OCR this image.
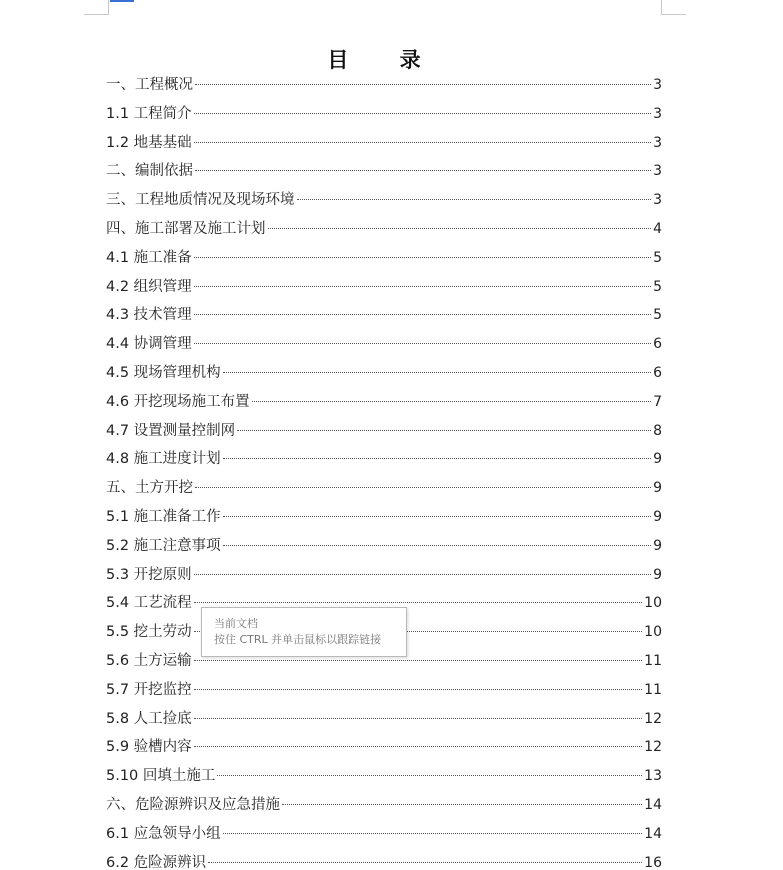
目 录
一、工程概况	3
1.1 工程简介	3
1.2 地基基础	3
二、编制依据	3
三、工程地质情况及现场环境	3
四、施工部署及施工计划	4
4.1 施工准备	5
4.2 组织管理	5
4.3 技术管理	5
4.4 协调管理	6
4.5 现场管理机构	6
4.6 开挖现场施工布置	7
4.7 设置测量控制网	8
4.8 施工进度计划	9
五、土方开挖	9
5.1 施工准备工作	9
5.2 施工注意事项	9
5.3 开挖原则	9
5.4 工艺流程	10
5.5 挖土劳动	10
5.6 土方运输	11
5.7 开挖监控	11
5.8 人工捡底	12
5.9 验槽内容	12
5.10 回填土施工	13
六、危险源辨识及应急措施	14
6.1 应急领导小组	14
6.2 危险源辨识	16
当前文档
按住 CTRL 并单击鼠标以跟踪链接
